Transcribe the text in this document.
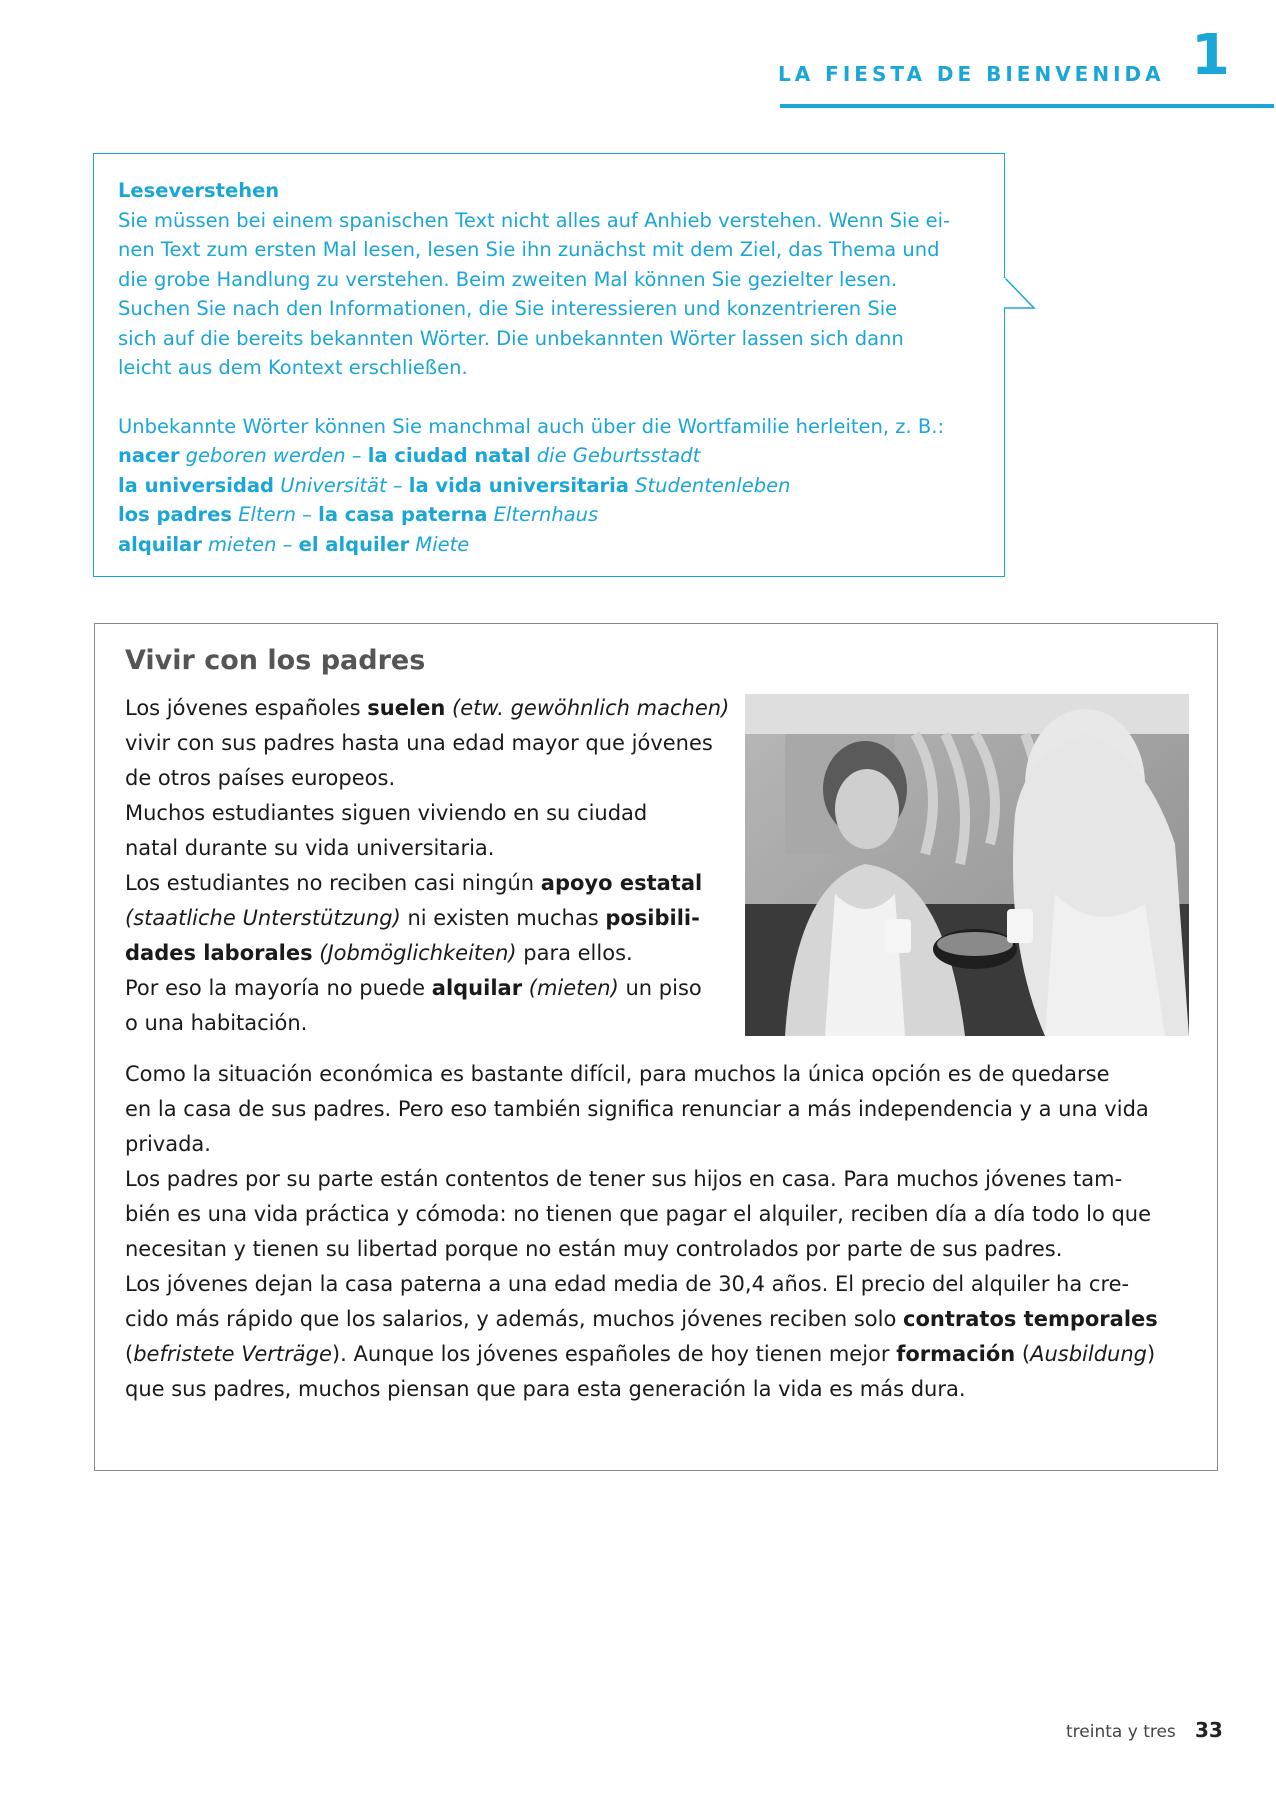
LA FIESTA DE BIENVENIDA 1
Leseverstehen
Sie müssen bei einem spanischen Text nicht alles auf Anhieb verstehen. Wenn Sie ei-
nen Text zum ersten Mal lesen, lesen Sie ihn zunächst mit dem Ziel, das Thema und
die grobe Handlung zu verstehen. Beim zweiten Mal können Sie gezielter lesen.
Suchen Sie nach den Informationen, die Sie interessieren und konzentrieren Sie
sich auf die bereits bekannten Wörter. Die unbekannten Wörter lassen sich dann
leicht aus dem Kontext erschließen.
Unbekannte Wörter können Sie manchmal auch über die Wortfamilie herleiten, z. B.:
nacer geboren werden – la ciudad natal die Geburtsstadt
la universidad Universität – la vida universitaria Studentenleben
los padres Eltern – la casa paterna Elternhaus
alquilar mieten – el alquiler Miete
Vivir con los padres
Los jóvenes españoles suelen (etw. gewöhnlich machen)
vivir con sus padres hasta una edad mayor que jóvenes
de otros países europeos.
Muchos estudiantes siguen viviendo en su ciudad
natal durante su vida universitaria.
Los estudiantes no reciben casi ningún apoyo estatal
(staatliche Unterstützung) ni existen muchas posibili-
dades laborales (Jobmöglichkeiten) para ellos.
Por eso la mayoría no puede alquilar (mieten) un piso
o una habitación.
Como la situación económica es bastante difícil, para muchos la única opción es de quedarse
en la casa de sus padres. Pero eso también significa renunciar a más independencia y a una vida
privada.
Los padres por su parte están contentos de tener sus hijos en casa. Para muchos jóvenes tam-
bién es una vida práctica y cómoda: no tienen que pagar el alquiler, reciben día a día todo lo que
necesitan y tienen su libertad porque no están muy controlados por parte de sus padres.
Los jóvenes dejan la casa paterna a una edad media de 30,4 años. El precio del alquiler ha cre-
cido más rápido que los salarios, y además, muchos jóvenes reciben solo contratos temporales
(befristete Verträge). Aunque los jóvenes españoles de hoy tienen mejor formación (Ausbildung)
que sus padres, muchos piensan que para esta generación la vida es más dura.
treinta y tres 33
